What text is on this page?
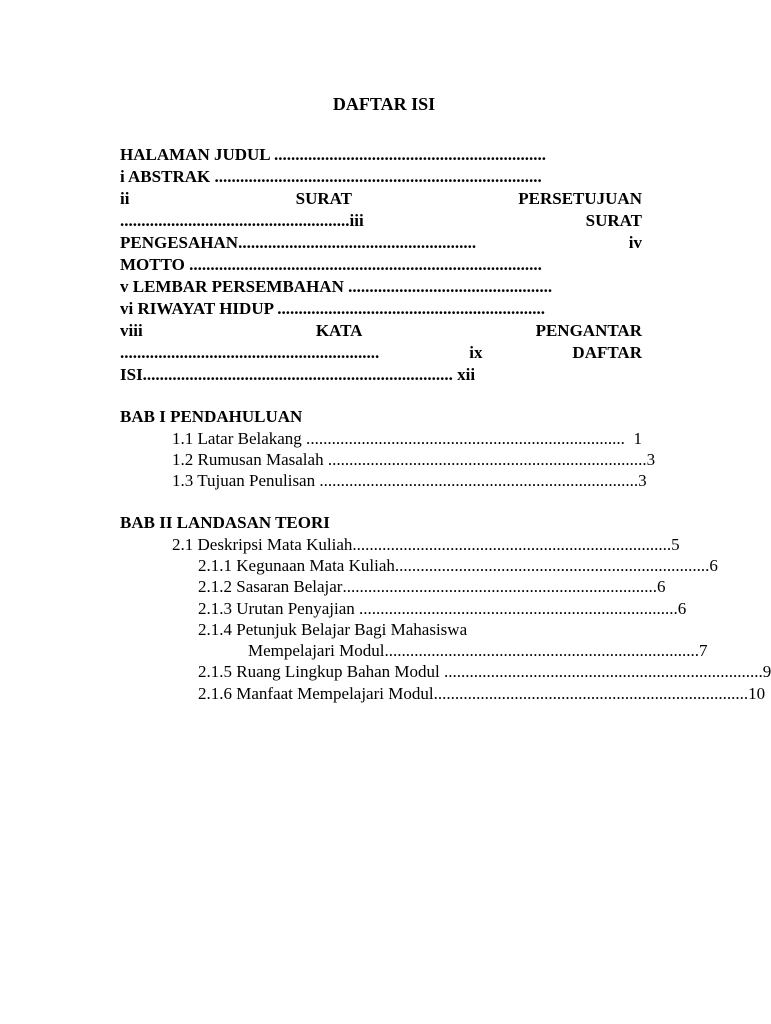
DAFTAR ISI
HALAMAN JUDUL ................................................................
i ABSTRAK .............................................................................
ii	SURAT	PERSETUJUAN
......................................................iii	SURAT
PENGESAHAN........................................................	iv
MOTTO ...................................................................................
v LEMBAR PERSEMBAHAN ................................................
vi RIWAYAT HIDUP ...............................................................
viii	KATA	PENGANTAR
.............................................................	ix	DAFTAR
ISI......................................................................... xii
BAB I PENDAHULUAN
1.1 Latar Belakang . .......................................................................... 1
1.2 Rumusan Masalah . .......................................................................... 3
1.3 Tujuan Penulisan . .......................................................................... 3
BAB II LANDASAN TEORI
2.1 Deskripsi Mata Kuliah. .......................................................................... 5
2.1.1 Kegunaan Mata Kuliah .......................................................................... 6
2.1.2 Sasaran Belajar .......................................................................... 6
2.1.3 Urutan Penyajian . .......................................................................... 6
2.1.4 Petunjuk Belajar Bagi Mahasiswa
Mempelajari Modul .......................................................................... 7
2.1.5 Ruang Lingkup Bahan Modul . .......................................................................... 9
2.1.6 Manfaat Mempelajari Modul .......................................................................... 10
